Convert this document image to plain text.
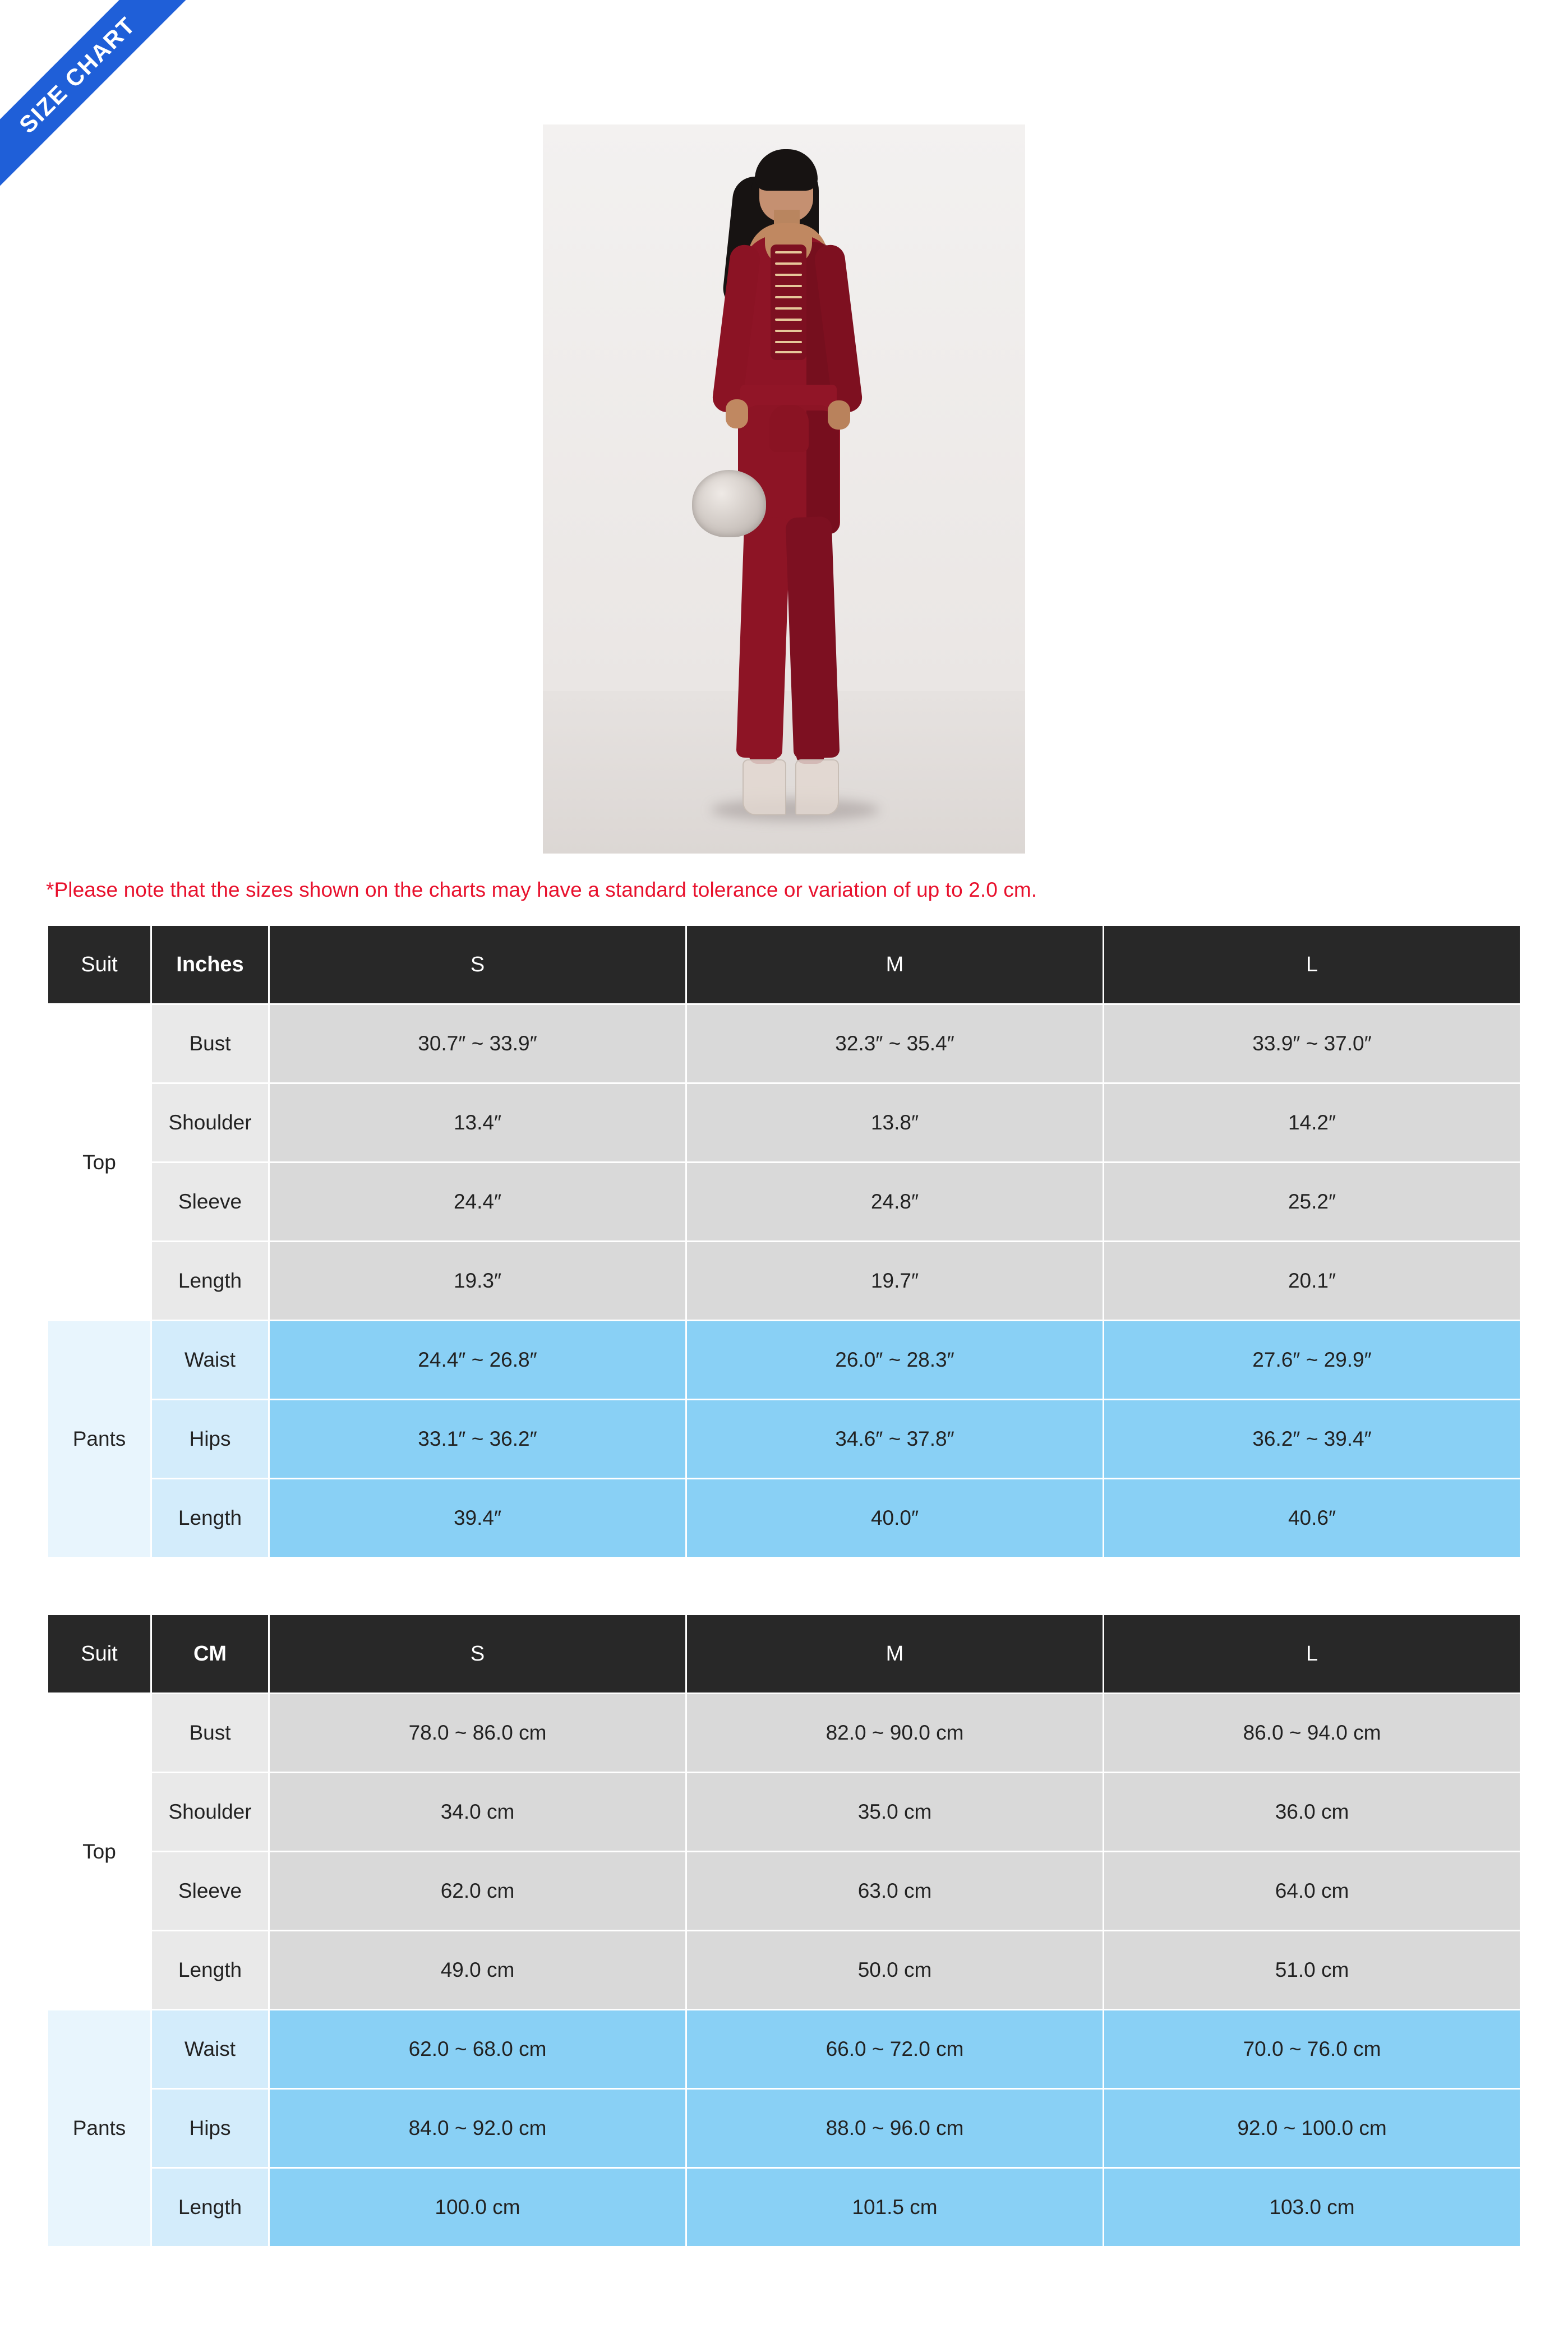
SIZE CHART
*Please note that the sizes shown on the charts may have a standard tolerance or variation of up to 2.0 cm.
Suit	Inches	S	M	L
Top	Bust	30.7″ ~ 33.9″	32.3″ ~ 35.4″	33.9″ ~ 37.0″
	Shoulder	13.4″	13.8″	14.2″
	Sleeve	24.4″	24.8″	25.2″
	Length	19.3″	19.7″	20.1″
Pants	Waist	24.4″ ~ 26.8″	26.0″ ~ 28.3″	27.6″ ~ 29.9″
	Hips	33.1″ ~ 36.2″	34.6″ ~ 37.8″	36.2″ ~ 39.4″
	Length	39.4″	40.0″	40.6″
Suit	CM	S	M	L
Top	Bust	78.0 ~ 86.0 cm	82.0 ~ 90.0 cm	86.0 ~ 94.0 cm
	Shoulder	34.0 cm	35.0 cm	36.0 cm
	Sleeve	62.0 cm	63.0 cm	64.0 cm
	Length	49.0 cm	50.0 cm	51.0 cm
Pants	Waist	62.0 ~ 68.0 cm	66.0 ~ 72.0 cm	70.0 ~ 76.0 cm
	Hips	84.0 ~ 92.0 cm	88.0 ~ 96.0 cm	92.0 ~ 100.0 cm
	Length	100.0 cm	101.5 cm	103.0 cm
